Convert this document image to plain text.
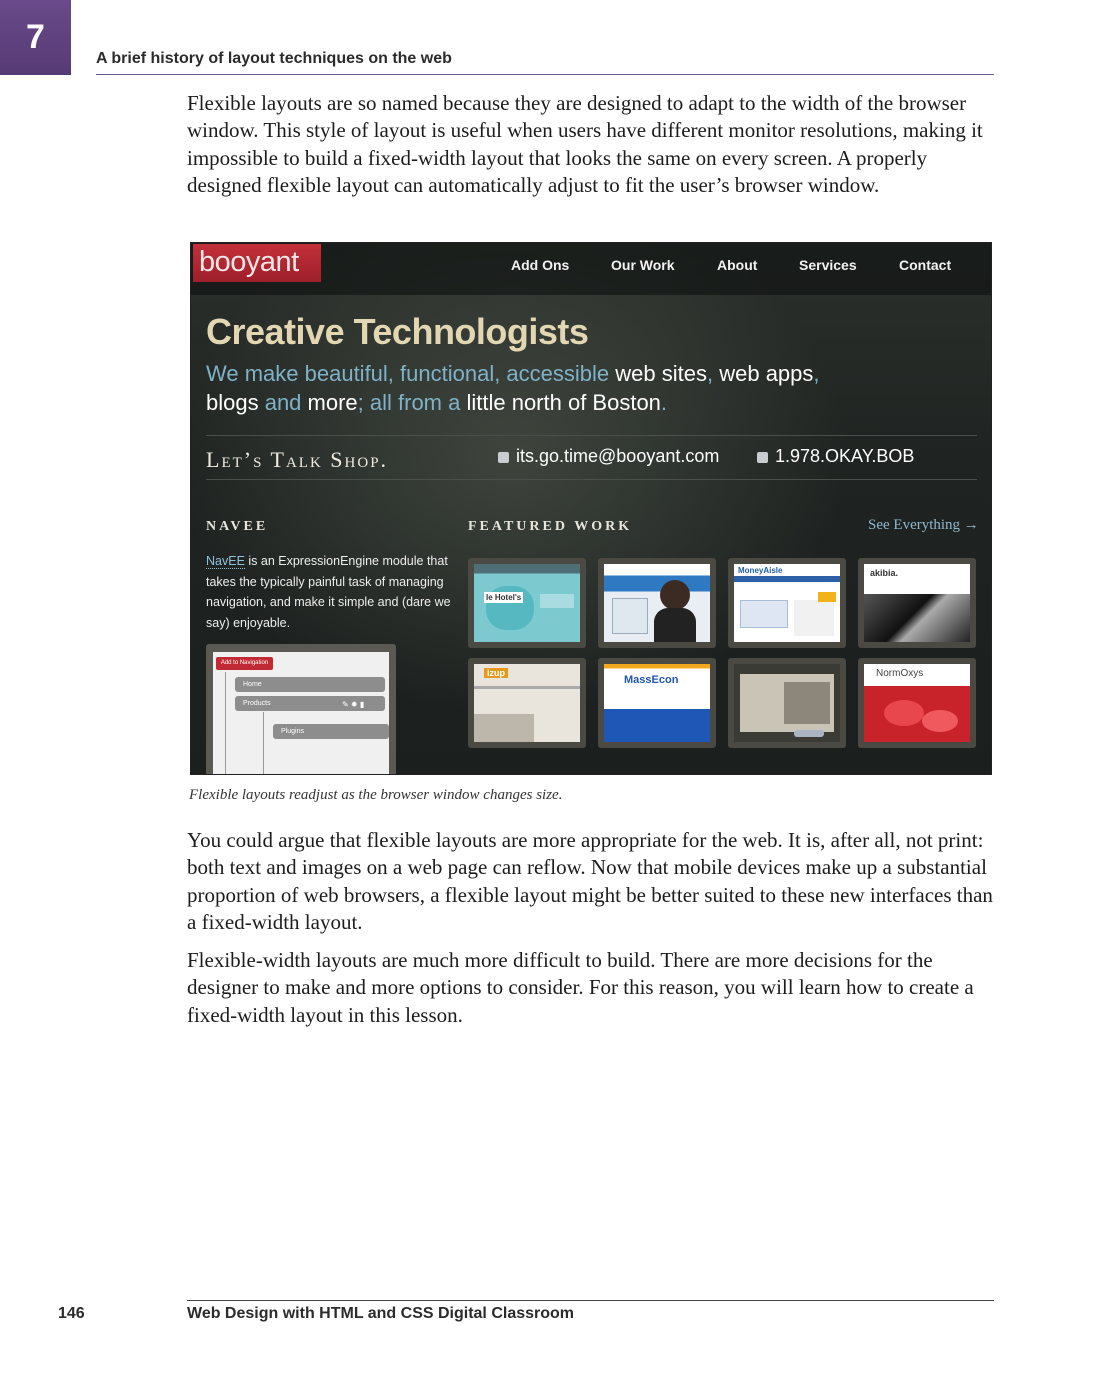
7
A brief history of layout techniques on the web

Flexible layouts are so named because they are designed to adapt to the width of the browser window. This style of layout is useful when users have different monitor resolutions, making it impossible to build a fixed-width layout that looks the same on every screen. A properly designed flexible layout can automatically adjust to fit the user’s browser window.

booyant	Add Ons	Our Work	About	Services	Contact
Creative Technologists
We make beautiful, functional, accessible web sites, web apps, blogs and more; all from a little north of Boston.
Let’s Talk Shop.	its.go.time@booyant.com	1.978.OKAY.BOB
NAVEE	FEATURED WORK	See Everything →
NavEE is an ExpressionEngine module that takes the typically painful task of managing navigation, and make it simple and (dare we say) enjoyable.
Add to Navigation
Home
Products	✎ ✹ ▮
Plugins
le Hotel's
MoneyAisle	akibia.
izup
MassEcon
NormOxys
Flexible layouts readjust as the browser window changes size.

You could argue that flexible layouts are more appropriate for the web. It is, after all, not print: both text and images on a web page can reflow. Now that mobile devices make up a substantial proportion of web browsers, a flexible layout might be better suited to these new interfaces than a fixed-width layout.

Flexible-width layouts are much more difficult to build. There are more decisions for the designer to make and more options to consider. For this reason, you will learn how to create a fixed-width layout in this lesson.

146	Web Design with HTML and CSS Digital Classroom
